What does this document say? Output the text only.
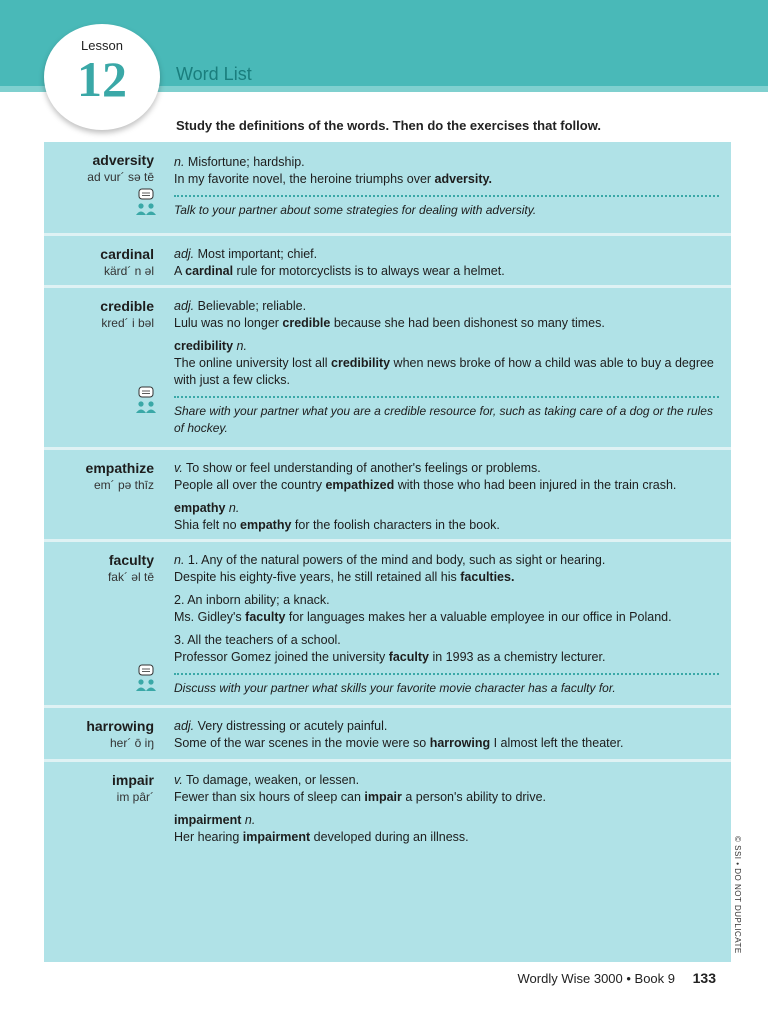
Lesson
12	Word List
Study the definitions of the words. Then do the exercises that follow.
adversity
ad vur´ sə tē

n. Misfortune; hardship.

In my favorite novel, the heroine triumphs over adversity.

Talk to your partner about some strategies for dealing with adversity.

cardinal
kärd´ n əl

adj. Most important; chief.

A cardinal rule for motorcyclists is to always wear a helmet.

credible
kred´ i bəl

adj. Believable; reliable.

Lulu was no longer credible because she had been dishonest so many times.

credibility n.

The online university lost all credibility when news broke of how a child was able to buy a degree with just a few clicks.

Share with your partner what you are a credible resource for, such as taking care of a dog or the rules of hockey.

empathize
em´ pə thīz

v. To show or feel understanding of another's feelings or problems.

People all over the country empathized with those who had been injured in the train crash.

empathy n.

Shia felt no empathy for the foolish characters in the book.

faculty
fak´ əl tē

n. 1. Any of the natural powers of the mind and body, such as sight or hearing.

Despite his eighty-five years, he still retained all his faculties.

2. An inborn ability; a knack.

Ms. Gidley's faculty for languages makes her a valuable employee in our office in Poland.

3. All the teachers of a school.

Professor Gomez joined the university faculty in 1993 as a chemistry lecturer.

Discuss with your partner what skills your favorite movie character has a faculty for.

harrowing
her´ ō iŋ

adj. Very distressing or acutely painful.

Some of the war scenes in the movie were so harrowing I almost left the theater.

impair
im pâr´

v. To damage, weaken, or lessen.

Fewer than six hours of sleep can impair a person's ability to drive.

impairment n.

Her hearing impairment developed during an illness.	© SSI • DO NOT DUPLICATE
Wordly Wise 3000 • Book 9 133
